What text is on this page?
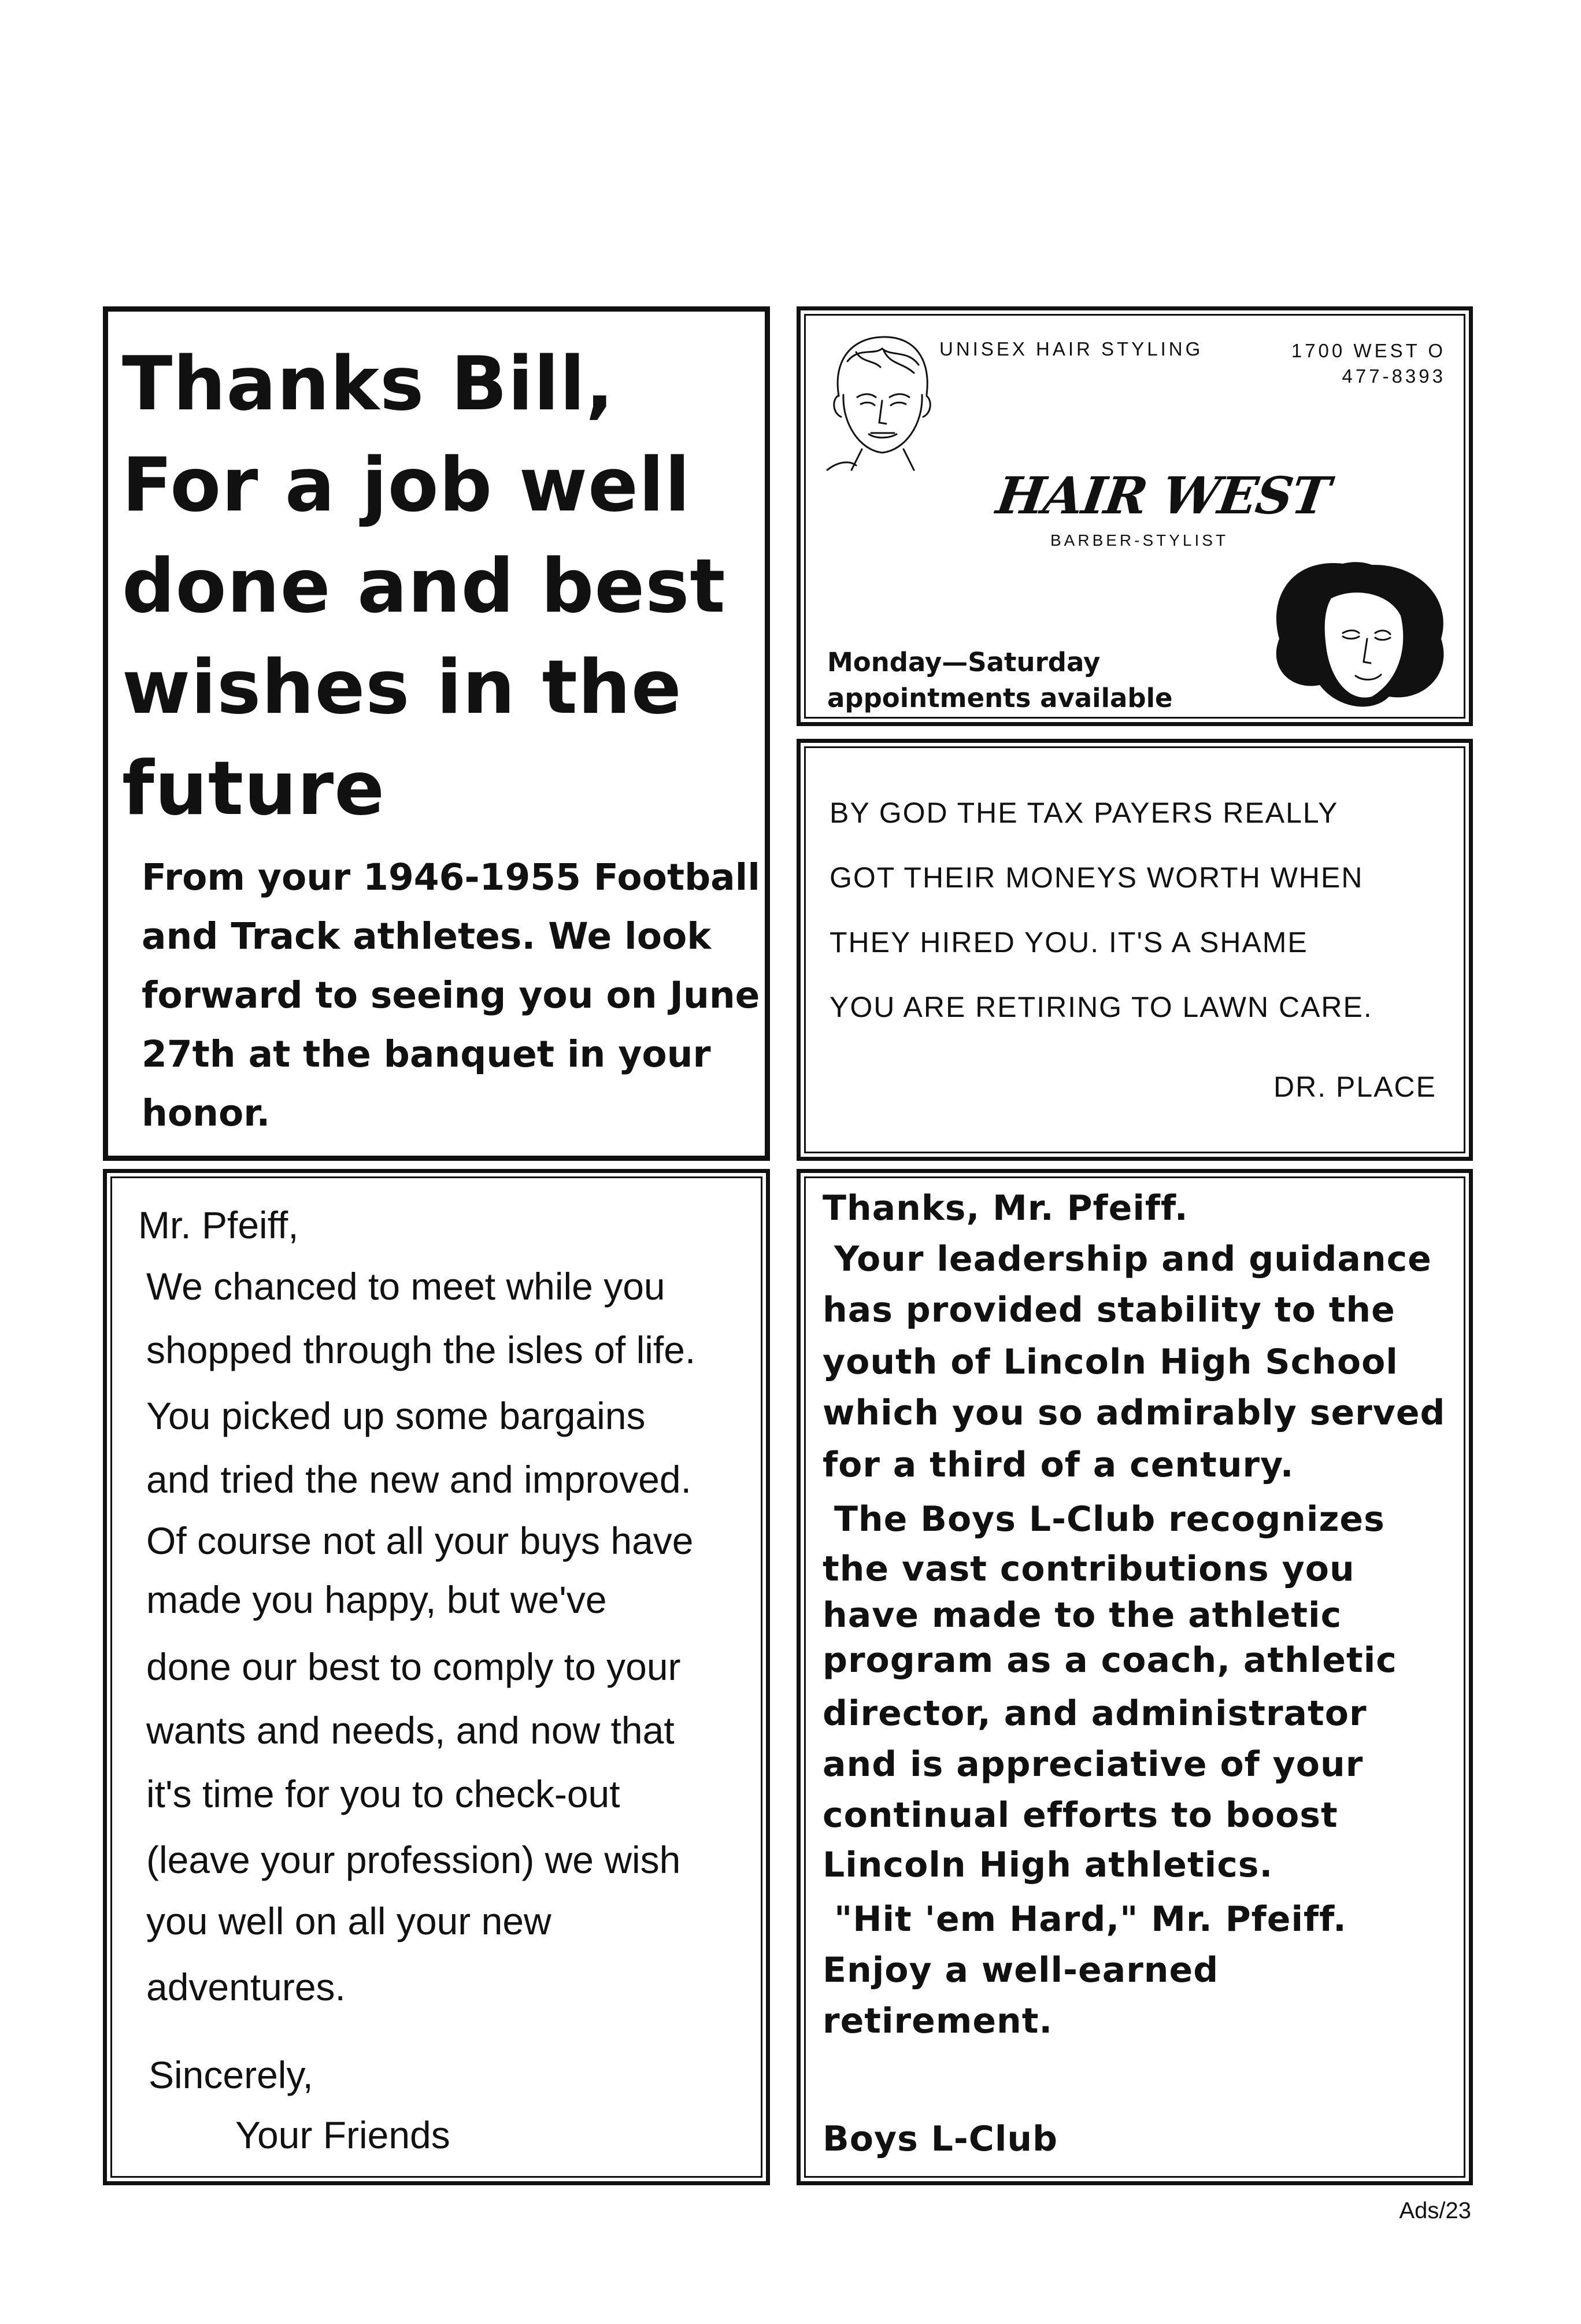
Thanks Bill, For a job well done and best wishes in the future

From your 1946-1955 Football and Track athletes. We look forward to seeing you on June 27th at the banquet in your honor.

UNISEX HAIR STYLING	1700 WEST O
477-8393

HAIR WEST

BARBER-STYLIST

Monday—Saturday
appointments available

BY GOD THE TAX PAYERS REALLY

GOT THEIR MONEYS WORTH WHEN

THEY HIRED YOU. IT'S A SHAME

YOU ARE RETIRING TO LAWN CARE.

DR. PLACE

Mr. Pfeiff,

We chanced to meet while you

shopped through the isles of life.

You picked up some bargains

and tried the new and improved.

Of course not all your buys have

made you happy, but we've

done our best to comply to your

wants and needs, and now that

it's time for you to check-out

(leave your profession) we wish

you well on all your new

adventures.

Sincerely,

Your Friends

Thanks, Mr. Pfeiff.

Your leadership and guidance

has provided stability to the

youth of Lincoln High School

which you so admirably served

for a third of a century.

The Boys L-Club recognizes

the vast contributions you

have made to the athletic

program as a coach, athletic

director, and administrator

and is appreciative of your

continual efforts to boost

Lincoln High athletics.

"Hit 'em Hard," Mr. Pfeiff.

Enjoy a well-earned

retirement.

Boys L-Club

Ads/23
